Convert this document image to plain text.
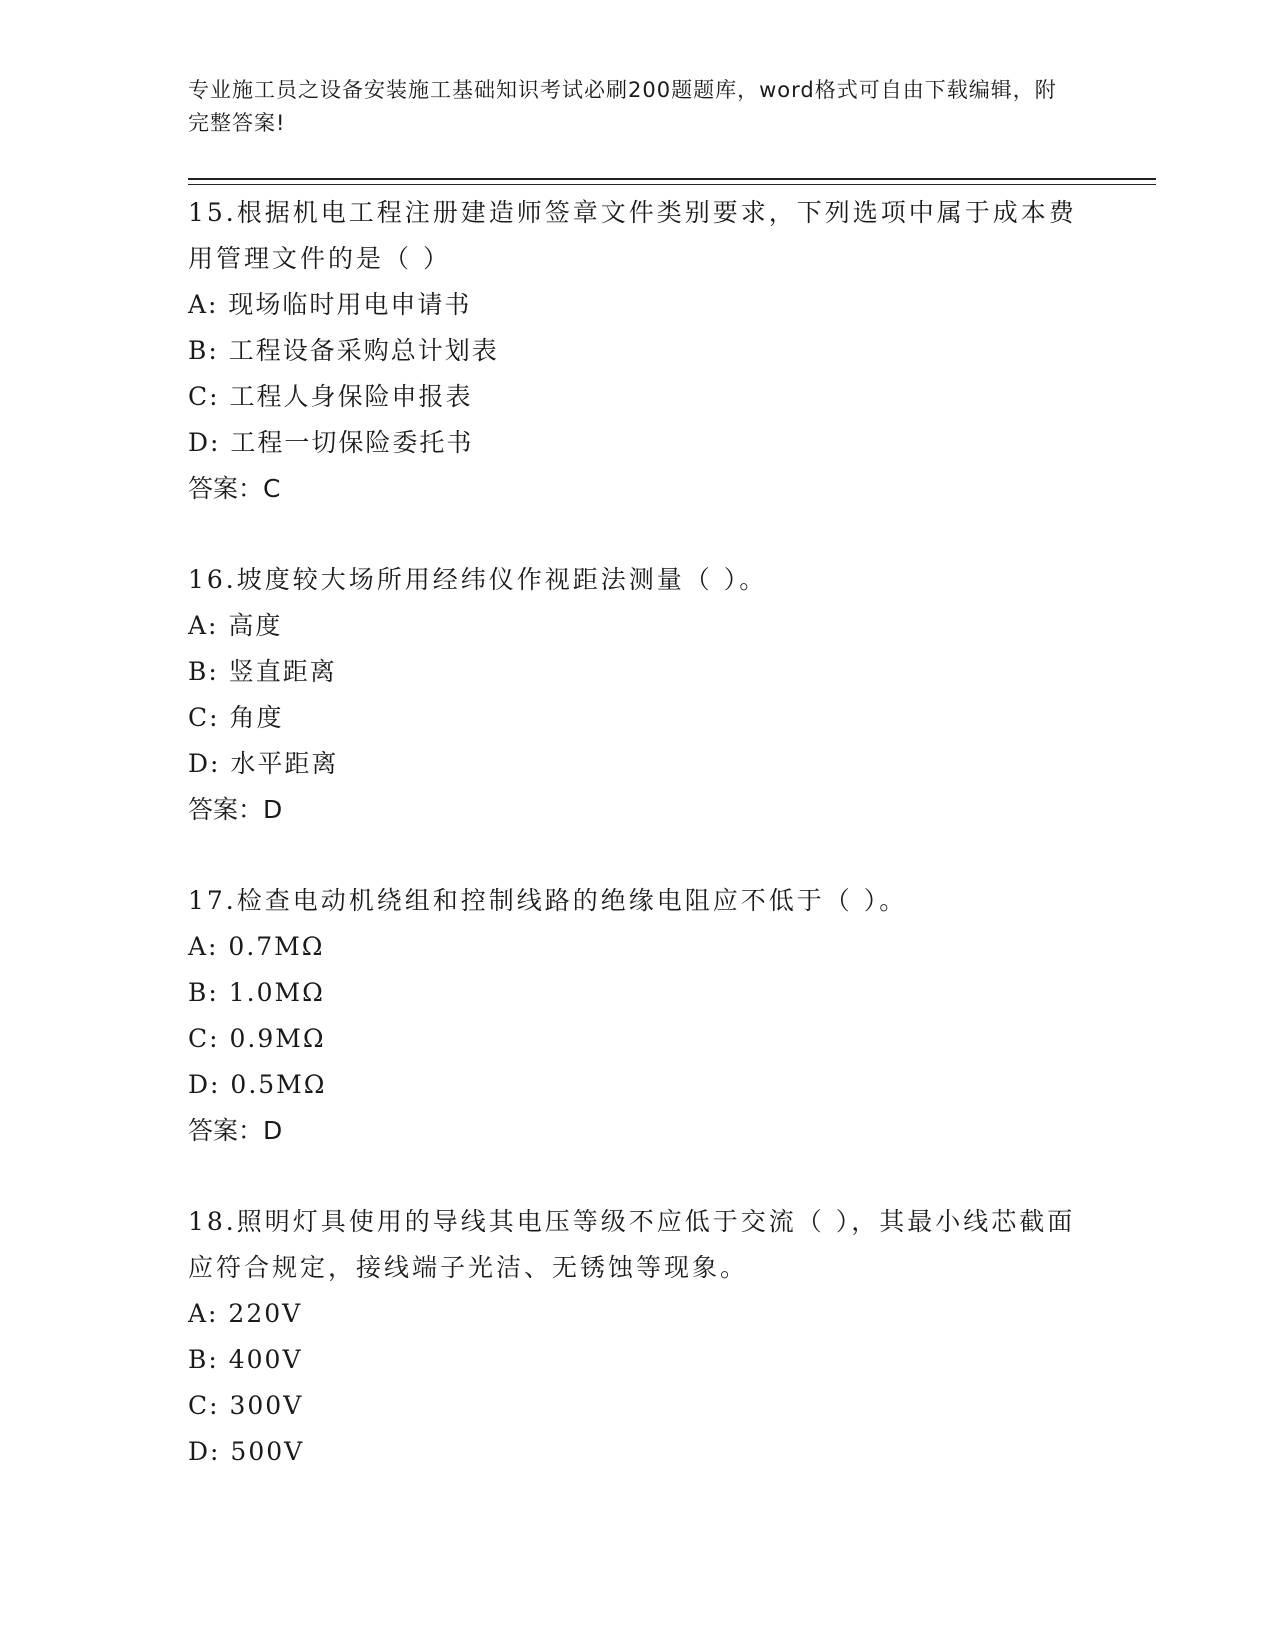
专业施工员之设备安装施工基础知识考试必刷200题题库，word格式可自由下载编辑，附完整答案!

15.根据机电工程注册建造师签章文件类别要求，下列选项中属于成本费用管理文件的是（ ）

A: 现场临时用电申请书

B: 工程设备采购总计划表

C: 工程人身保险申报表

D: 工程一切保险委托书

答案：C

16.坡度较大场所用经纬仪作视距法测量（ ）。

A: 高度

B: 竖直距离

C: 角度

D: 水平距离

答案：D

17.检查电动机绕组和控制线路的绝缘电阻应不低于（ ）。

A: 0.7MΩ

B: 1.0MΩ

C: 0.9MΩ

D: 0.5MΩ

答案：D

18.照明灯具使用的导线其电压等级不应低于交流（ ），其最小线芯截面应符合规定，接线端子光洁、无锈蚀等现象。

A: 220V

B: 400V

C: 300V

D: 500V
